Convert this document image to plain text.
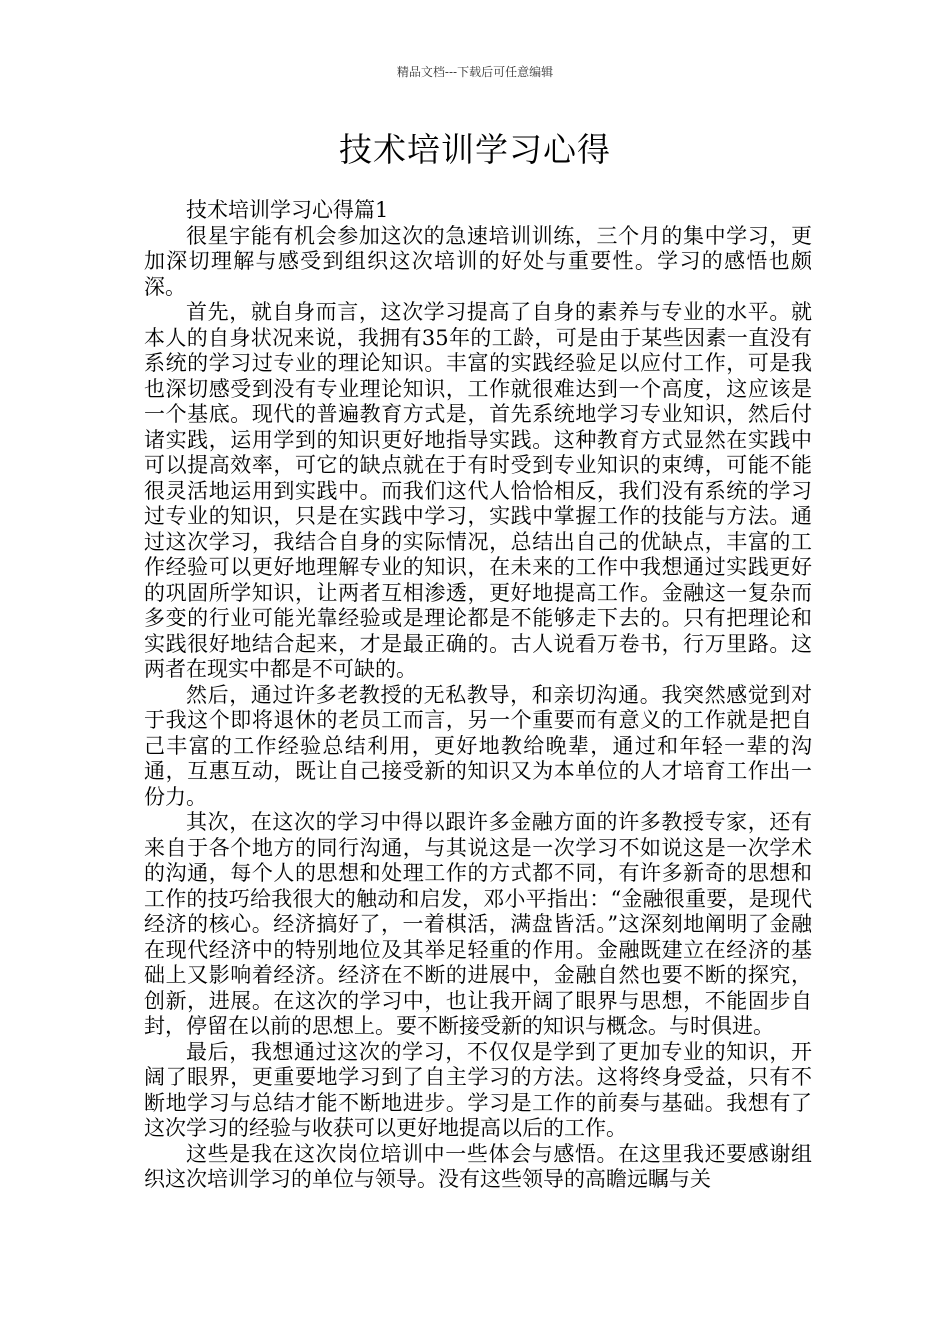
精品文档---下载后可任意编辑
技术培训学习心得

技术培训学习心得篇1

很星宇能有机会参加这次的急速培训训练，三个月的集中学习，更加深切理解与感受到组织这次培训的好处与重要性。学习的感悟也颇深。

首先，就自身而言，这次学习提高了自身的素养与专业的水平。就本人的自身状况来说，我拥有35年的工龄，可是由于某些因素一直没有系统的学习过专业的理论知识。丰富的实践经验足以应付工作，可是我也深切感受到没有专业理论知识，工作就很难达到一个高度，这应该是一个基底。现代的普遍教育方式是，首先系统地学习专业知识，然后付诸实践，运用学到的知识更好地指导实践。这种教育方式显然在实践中可以提高效率，可它的缺点就在于有时受到专业知识的束缚，可能不能很灵活地运用到实践中。而我们这代人恰恰相反，我们没有系统的学习过专业的知识，只是在实践中学习，实践中掌握工作的技能与方法。通过这次学习，我结合自身的实际情况，总结出自己的优缺点，丰富的工作经验可以更好地理解专业的知识，在未来的工作中我想通过实践更好的巩固所学知识，让两者互相渗透，更好地提高工作。金融这一复杂而多变的行业可能光靠经验或是理论都是不能够走下去的。只有把理论和实践很好地结合起来，才是最正确的。古人说看万卷书，行万里路。这两者在现实中都是不可缺的。

然后，通过许多老教授的无私教导，和亲切沟通。我突然感觉到对于我这个即将退休的老员工而言，另一个重要而有意义的工作就是把自己丰富的工作经验总结利用，更好地教给晚辈，通过和年轻一辈的沟通，互惠互动，既让自己接受新的知识又为本单位的人才培育工作出一份力。

其次，在这次的学习中得以跟许多金融方面的许多教授专家，还有来自于各个地方的同行沟通，与其说这是一次学习不如说这是一次学术的沟通，每个人的思想和处理工作的方式都不同，有许多新奇的思想和工作的技巧给我很大的触动和启发，邓小平指出：“金融很重要，是现代经济的核心。经济搞好了，一着棋活，满盘皆活。”这深刻地阐明了金融在现代经济中的特别地位及其举足轻重的作用。金融既建立在经济的基础上又影响着经济。经济在不断的进展中，金融自然也要不断的探究，创新，进展。在这次的学习中，也让我开阔了眼界与思想，不能固步自封，停留在以前的思想上。要不断接受新的知识与概念。与时俱进。

最后，我想通过这次的学习，不仅仅是学到了更加专业的知识，开阔了眼界，更重要地学习到了自主学习的方法。这将终身受益，只有不断地学习与总结才能不断地进步。学习是工作的前奏与基础。我想有了这次学习的经验与收获可以更好地提高以后的工作。

这些是我在这次岗位培训中一些体会与感悟。在这里我还要感谢组织这次培训学习的单位与领导。没有这些领导的高瞻远瞩与关
